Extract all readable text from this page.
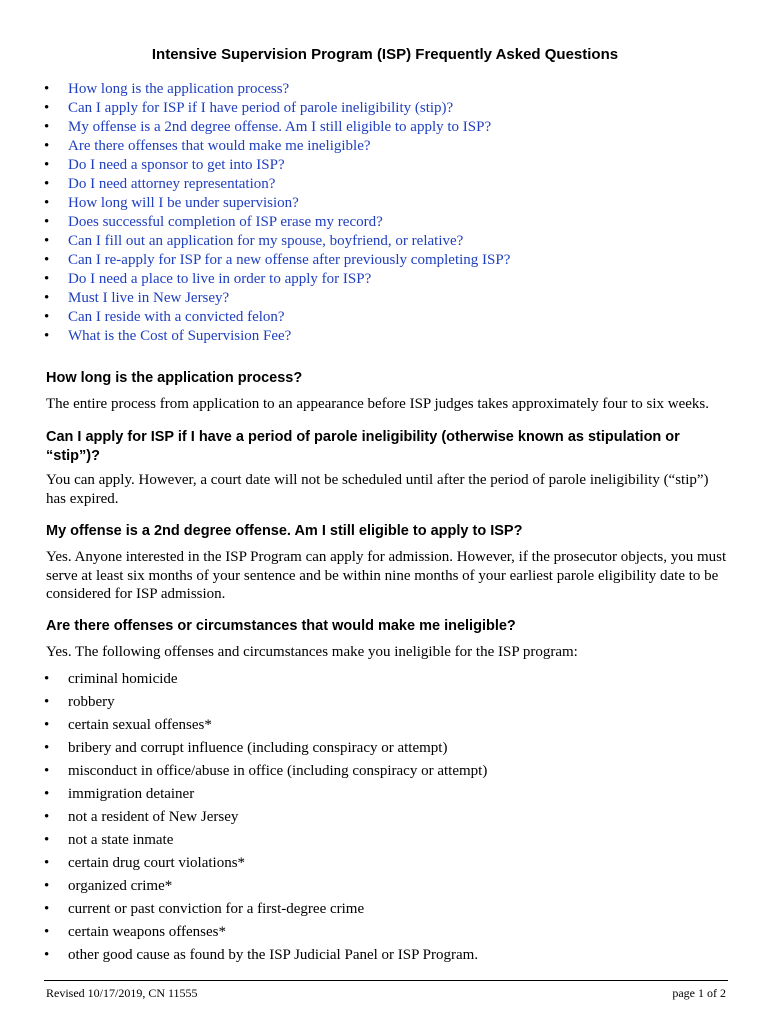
Intensive Supervision Program (ISP) Frequently Asked Questions
• How long is the application process?
• Can I apply for ISP if I have period of parole ineligibility (stip)?
• My offense is a 2nd degree offense. Am I still eligible to apply to ISP?
• Are there offenses that would make me ineligible?
• Do I need a sponsor to get into ISP?
• Do I need attorney representation?
• How long will I be under supervision?
• Does successful completion of ISP erase my record?
• Can I fill out an application for my spouse, boyfriend, or relative?
• Can I re-apply for ISP for a new offense after previously completing ISP?
• Do I need a place to live in order to apply for ISP?
• Must I live in New Jersey?
• Can I reside with a convicted felon?
• What is the Cost of Supervision Fee?
How long is the application process?

The entire process from application to an appearance before ISP judges takes approximately four to six weeks.

Can I apply for ISP if I have a period of parole ineligibility (otherwise known as stipulation or “stip”)?

You can apply. However, a court date will not be scheduled until after the period of parole ineligibility (“stip”) has expired.

My offense is a 2nd degree offense. Am I still eligible to apply to ISP?

Yes. Anyone interested in the ISP Program can apply for admission. However, if the prosecutor objects, you must serve at least six months of your sentence and be within nine months of your earliest parole eligibility date to be considered for ISP admission.

Are there offenses or circumstances that would make me ineligible?

Yes. The following offenses and circumstances make you ineligible for the ISP program:

• criminal homicide
• robbery
• certain sexual offenses*
• bribery and corrupt influence (including conspiracy or attempt)
• misconduct in office/abuse in office (including conspiracy or attempt)
• immigration detainer
• not a resident of New Jersey
• not a state inmate
• certain drug court violations*
• organized crime*
• current or past conviction for a first-degree crime
• certain weapons offenses*
• other good cause as found by the ISP Judicial Panel or ISP Program.
Revised 10/17/2019, CN 11555	page 1 of 2
